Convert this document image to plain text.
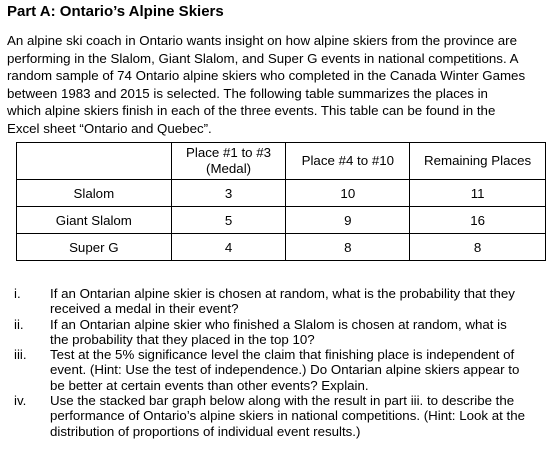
Part A: Ontario’s Alpine Skiers
An alpine ski coach in Ontario wants insight on how alpine skiers from the province are
performing in the Slalom, Giant Slalom, and Super G events in national competitions. A
random sample of 74 Ontario alpine skiers who completed in the Canada Winter Games
between 1983 and 2015 is selected. The following table summarizes the places in
which alpine skiers finish in each of the three events. This table can be found in the
Excel sheet “Ontario and Quebec”.
	Place #1 to #3
(Medal)	Place #4 to #10	Remaining Places
Slalom	3	10	11
Giant Slalom	5	9	16
Super G	4	8	8
i.	If an Ontarian alpine skier is chosen at random, what is the probability that they
received a medal in their event?
ii.	If an Ontarian alpine skier who finished a Slalom is chosen at random, what is
the probability that they placed in the top 10?
iii.	Test at the 5% significance level the claim that finishing place is independent of
event. (Hint: Use the test of independence.) Do Ontarian alpine skiers appear to
be better at certain events than other events? Explain.
iv.	Use the stacked bar graph below along with the result in part iii. to describe the
performance of Ontario’s alpine skiers in national competitions. (Hint: Look at the
distribution of proportions of individual event results.)
